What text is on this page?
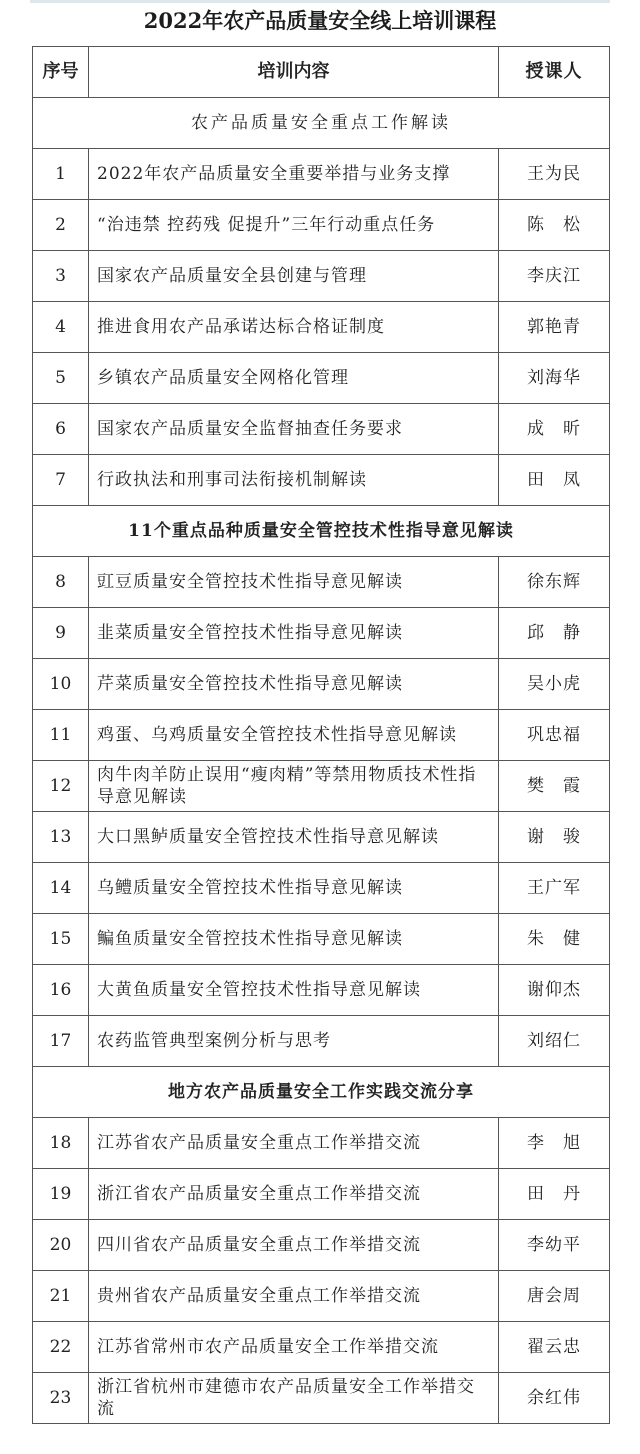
2022年农产品质量安全线上培训课程
序号	培训内容	授课人
农产品质量安全重点工作解读		
1	2022年农产品质量安全重要举措与业务支撑	王为民
2	“治违禁 控药残 促提升”三年行动重点任务	陈　松
3	国家农产品质量安全县创建与管理	李庆江
4	推进食用农产品承诺达标合格证制度	郭艳青
5	乡镇农产品质量安全网格化管理	刘海华
6	国家农产品质量安全监督抽查任务要求	成　昕
7	行政执法和刑事司法衔接机制解读	田　凤
11个重点品种质量安全管控技术性指导意见解读		
8	豇豆质量安全管控技术性指导意见解读	徐东辉
9	韭菜质量安全管控技术性指导意见解读	邱　静
10	芹菜质量安全管控技术性指导意见解读	吴小虎
11	鸡蛋、乌鸡质量安全管控技术性指导意见解读	巩忠福
12	肉牛肉羊防止误用“瘦肉精”等禁用物质技术性指导意见解读	樊　霞
13	大口黑鲈质量安全管控技术性指导意见解读	谢　骏
14	乌鳢质量安全管控技术性指导意见解读	王广军
15	鳊鱼质量安全管控技术性指导意见解读	朱　健
16	大黄鱼质量安全管控技术性指导意见解读	谢仰杰
17	农药监管典型案例分析与思考	刘绍仁
地方农产品质量安全工作实践交流分享		
18	江苏省农产品质量安全重点工作举措交流	李　旭
19	浙江省农产品质量安全重点工作举措交流	田　丹
20	四川省农产品质量安全重点工作举措交流	李幼平
21	贵州省农产品质量安全重点工作举措交流	唐会周
22	江苏省常州市农产品质量安全工作举措交流	翟云忠
23	浙江省杭州市建德市农产品质量安全工作举措交流	余红伟
